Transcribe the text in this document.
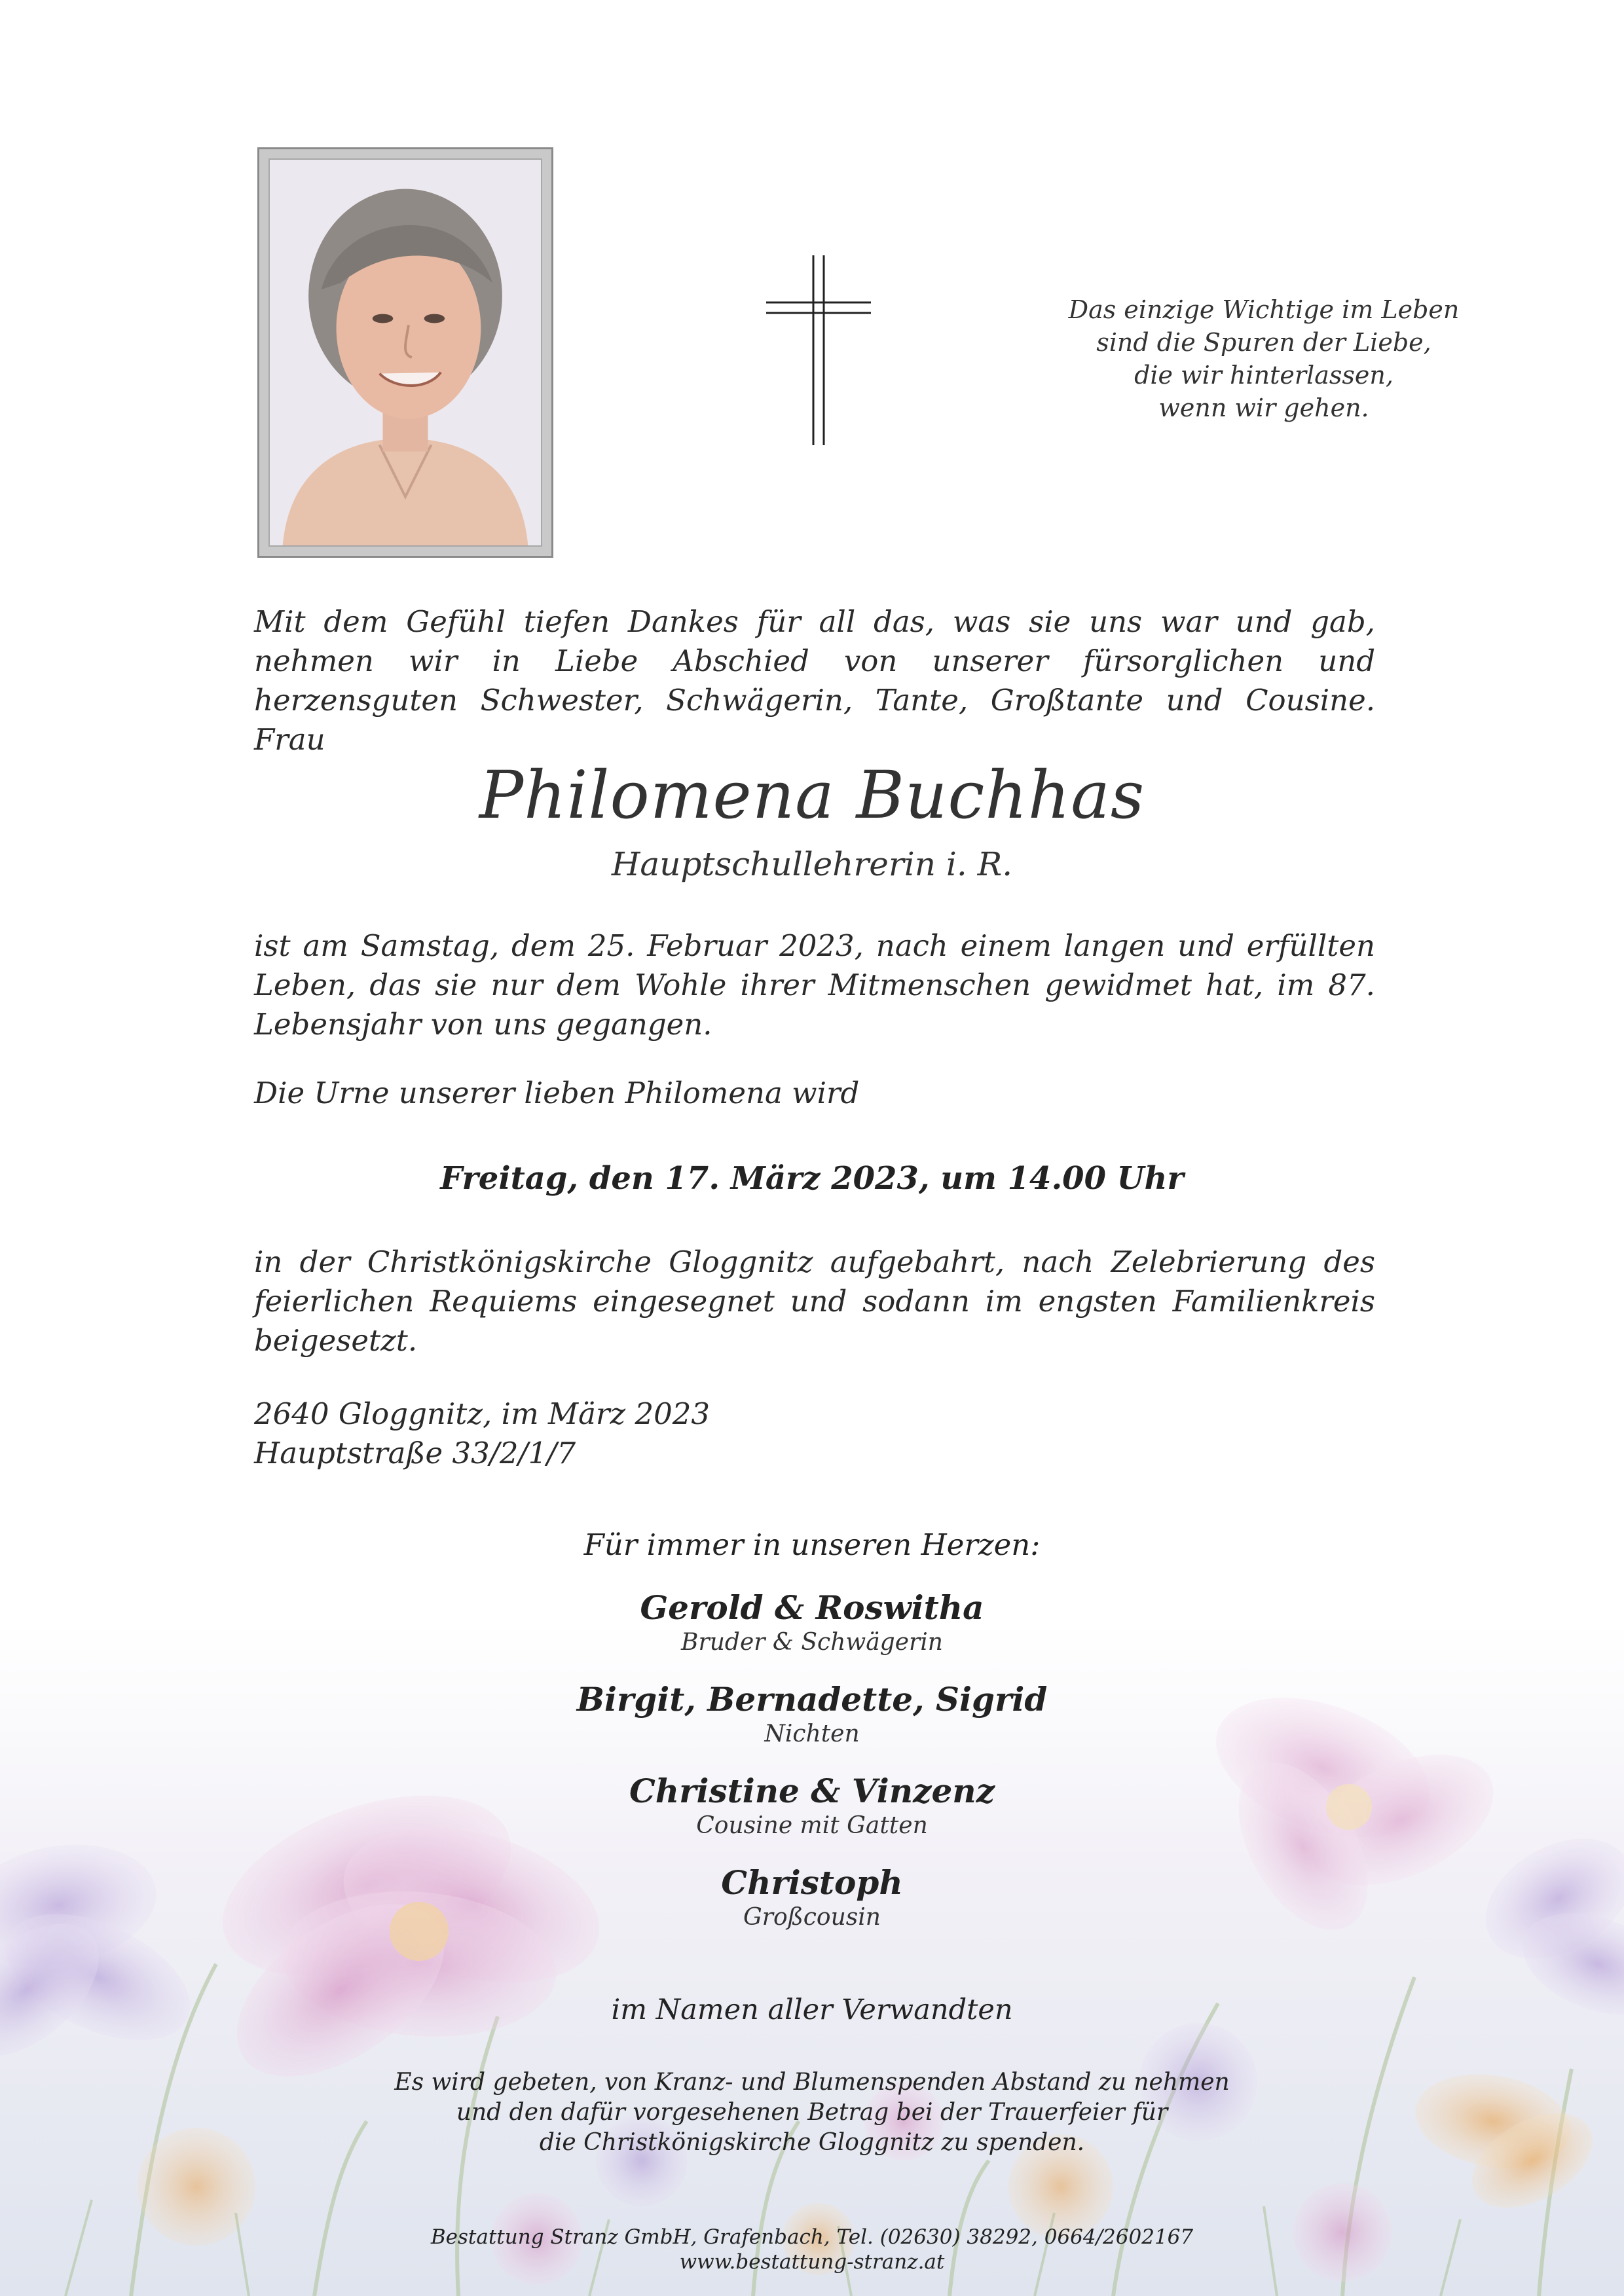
Das einzige Wichtige im Leben
sind die Spuren der Liebe,
die wir hinterlassen,
wenn wir gehen.
Mit dem Gefühl tiefen Dankes für all das, was sie uns war und gab, nehmen wir in Liebe Abschied von unserer fürsorglichen und herzensguten Schwester, Schwägerin, Tante, Großtante und Cousine. Frau
Philomena Buchhas
Hauptschullehrerin i. R.
ist am Samstag, dem 25. Februar 2023, nach einem langen und erfüllten Leben, das sie nur dem Wohle ihrer Mitmenschen gewidmet hat, im 87. Lebensjahr von uns gegangen.
Die Urne unserer lieben Philomena wird
Freitag, den 17. März 2023, um 14.00 Uhr
in der Christkönigskirche Gloggnitz aufgebahrt, nach Zelebrierung des feierlichen Requiems eingesegnet und sodann im engsten Familienkreis beigesetzt.
2640 Gloggnitz, im März 2023
Hauptstraße 33/2/1/7
Für immer in unseren Herzen:
Gerold & Roswitha
Bruder & Schwägerin
Birgit, Bernadette, Sigrid
Nichten
Christine & Vinzenz
Cousine mit Gatten
Christoph
Großcousin
im Namen aller Verwandten
Es wird gebeten, von Kranz- und Blumenspenden Abstand zu nehmen
und den dafür vorgesehenen Betrag bei der Trauerfeier für
die Christkönigskirche Gloggnitz zu spenden.
Bestattung Stranz GmbH, Grafenbach, Tel. (02630) 38292, 0664/2602167
www.bestattung-stranz.at
